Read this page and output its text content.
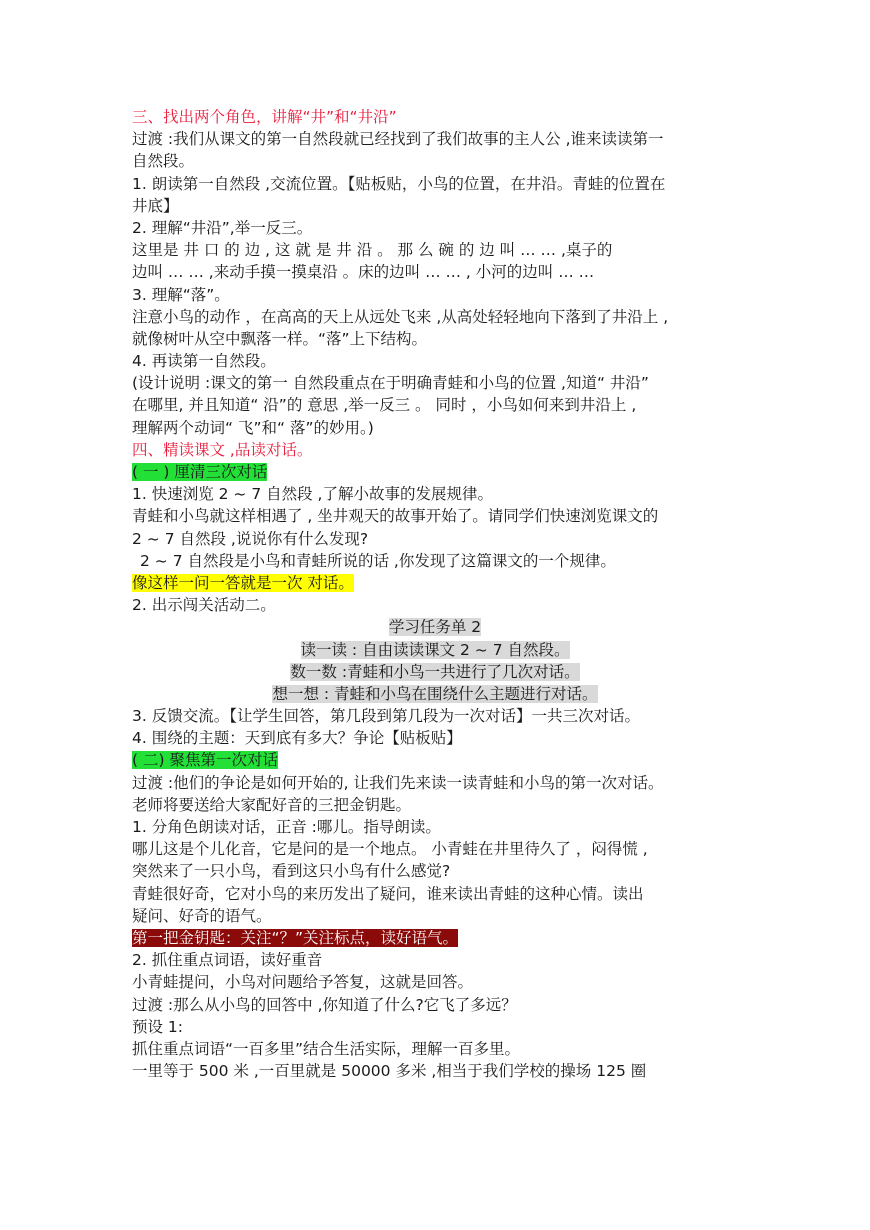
三、找出两个角色，讲解“井”和“井沿”
过渡 :我们从课文的第一自然段就已经找到了我们故事的主人公 ,谁来读读第一
自然段。
1. 朗读第一自然段 ,交流位置。【贴板贴，小鸟的位置，在井沿。青蛙的位置在
井底】
2. 理解“井沿”,举一反三。
这里是 井 口 的 边 , 这 就 是 井 沿 。 那 么 碗 的 边 叫 … … ,桌子的
边叫 … … ,来动手摸一摸桌沿 。床的边叫 … … , 小河的边叫 … …
3. 理解“落”。
注意小鸟的动作 ，在高高的天上从远处飞来 ,从高处轻轻地向下落到了井沿上 ,
就像树叶从空中飘落一样。“落”上下结构。
4. 再读第一自然段。
(设计说明 :课文的第一 自然段重点在于明确青蛙和小鸟的位置 ,知道“ 井沿”
在哪里, 并且知道“ 沿”的 意思 ,举一反三 。 同时 ，小鸟如何来到井沿上 ,
理解两个动词“ 飞”和“ 落”的妙用。)
四、精读课文 ,品读对话。
( 一 ) 厘清三次对话
1. 快速浏览 2 ~ 7 自然段 ,了解小故事的发展规律。
青蛙和小鸟就这样相遇了 , 坐井观天的故事开始了。请同学们快速浏览课文的
2 ~ 7 自然段 ,说说你有什么发现?
2 ~ 7 自然段是小鸟和青蛙所说的话 ,你发现了这篇课文的一个规律。
像这样一问一答就是一次 对话。
2. 出示闯关活动二。
学习任务单 2
读一读 : 自由读读课文 2 ~ 7 自然段。
数一数 :青蛙和小鸟一共进行了几次对话。
想一想 : 青蛙和小鸟在围绕什么主题进行对话。
3. 反馈交流。【让学生回答，第几段到第几段为一次对话】一共三次对话。
4. 围绕的主题：天到底有多大？争论【贴板贴】
( 二) 聚焦第一次对话
过渡 :他们的争论是如何开始的, 让我们先来读一读青蛙和小鸟的第一次对话。
老师将要送给大家配好音的三把金钥匙。
1. 分角色朗读对话，正音 :哪儿。指导朗读。
哪儿这是个儿化音，它是问的是一个地点。 小青蛙在井里待久了 ，闷得慌 ,
突然来了一只小鸟，看到这只小鸟有什么感觉?
青蛙很好奇，它对小鸟的来历发出了疑问，谁来读出青蛙的这种心情。读出
疑问、好奇的语气。
第一把金钥匙：关注“？”关注标点，读好语气。
2. 抓住重点词语，读好重音
小青蛙提问，小鸟对问题给予答复，这就是回答。
过渡 :那么从小鸟的回答中 ,你知道了什么?它飞了多远？
预设 1:
抓住重点词语“一百多里”结合生活实际，理解一百多里。
一里等于 500 米 ,一百里就是 50000 多米 ,相当于我们学校的操场 125 圈
